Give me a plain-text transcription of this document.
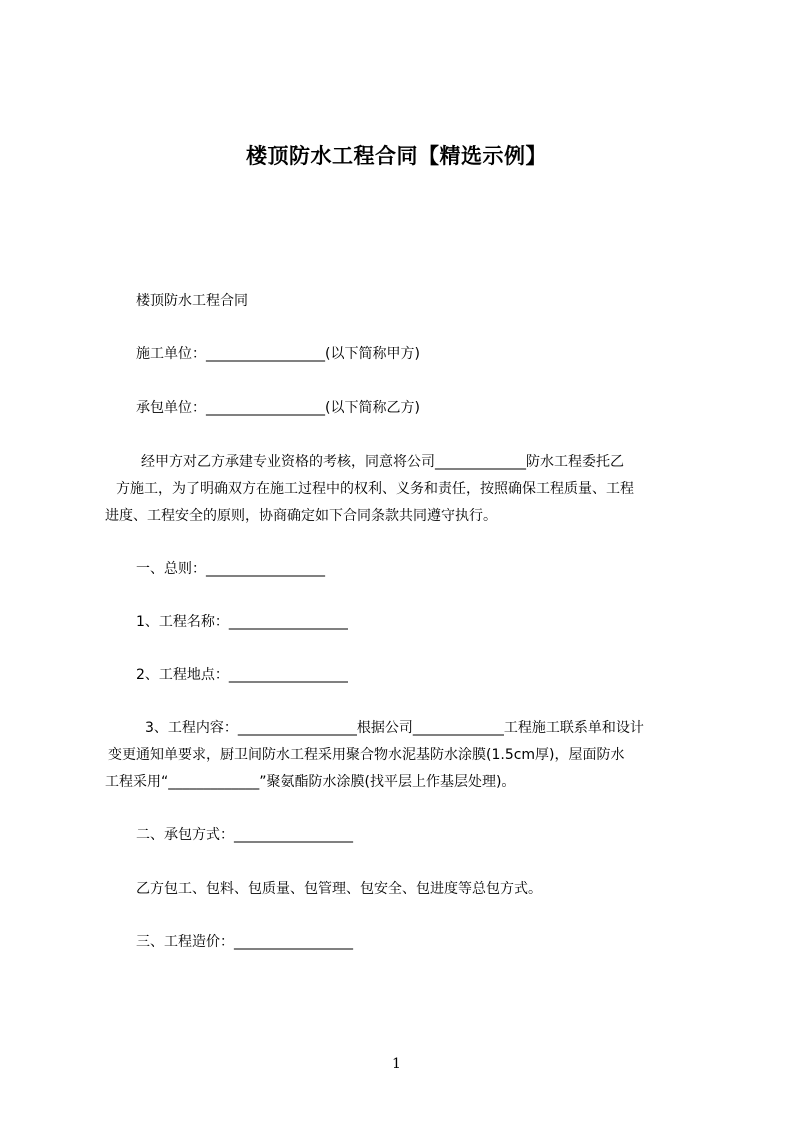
楼顶防水工程合同【精选示例】
楼顶防水工程合同
施工单位：_________________(以下简称甲方)
承包单位：_________________(以下简称乙方)
经甲方对乙方承建专业资格的考核，同意将公司_____________防水工程委托乙
方施工，为了明确双方在施工过程中的权利、义务和责任，按照确保工程质量、工程
进度、工程安全的原则，协商确定如下合同条款共同遵守执行。
一、总则：_________________
1、工程名称：_________________
2、工程地点：_________________
3、工程内容：_________________根据公司_____________工程施工联系单和设计
变更通知单要求，厨卫间防水工程采用聚合物水泥基防水涂膜(1.5cm厚)，屋面防水
工程采用“_____________”聚氨酯防水涂膜(找平层上作基层处理)。
二、承包方式：_________________
乙方包工、包料、包质量、包管理、包安全、包进度等总包方式。
三、工程造价：_________________
1
